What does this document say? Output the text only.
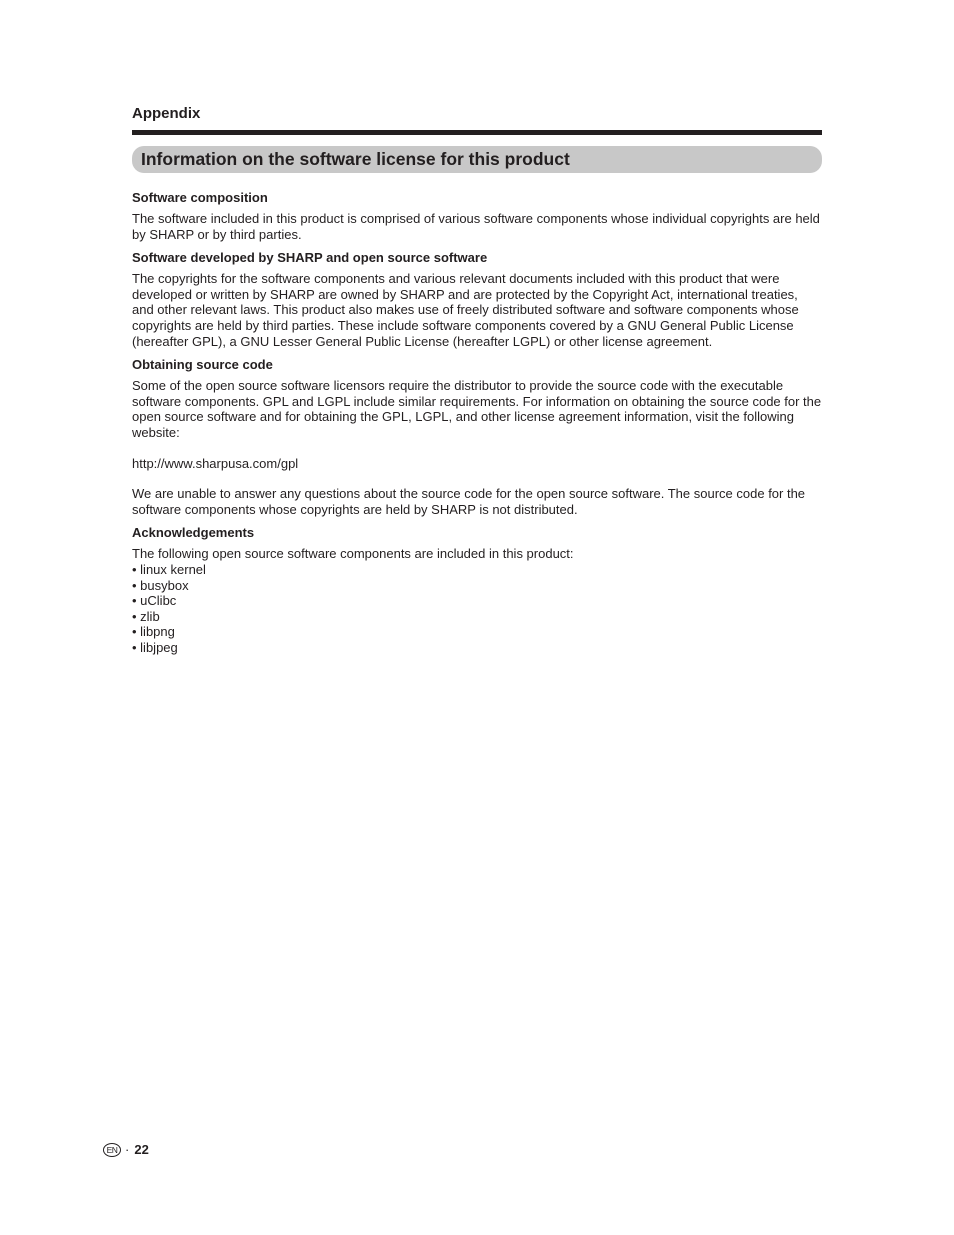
Appendix
Information on the software license for this product
Software composition

The software included in this product is comprised of various software components whose individual copyrights are held by SHARP or by third parties.

Software developed by SHARP and open source software

The copyrights for the software components and various relevant documents included with this product that were developed or written by SHARP are owned by SHARP and are protected by the Copyright Act, international treaties, and other relevant laws. This product also makes use of freely distributed software and software components whose copyrights are held by third parties. These include software components covered by a GNU General Public License (hereafter GPL), a GNU Lesser General Public License (hereafter LGPL) or other license agreement.

Obtaining source code

Some of the open source software licensors require the distributor to provide the source code with the executable software components. GPL and LGPL include similar requirements. For information on obtaining the source code for the open source software and for obtaining the GPL, LGPL, and other license agreement information, visit the following website:

http://www.sharpusa.com/gpl

We are unable to answer any questions about the source code for the open source software. The source code for the software components whose copyrights are held by SHARP is not distributed.

Acknowledgements
The following open source software components are included in this product:
• linux kernel
• busybox
• uClibc
• zlib
• libpng
• libjpeg
EN · 22
